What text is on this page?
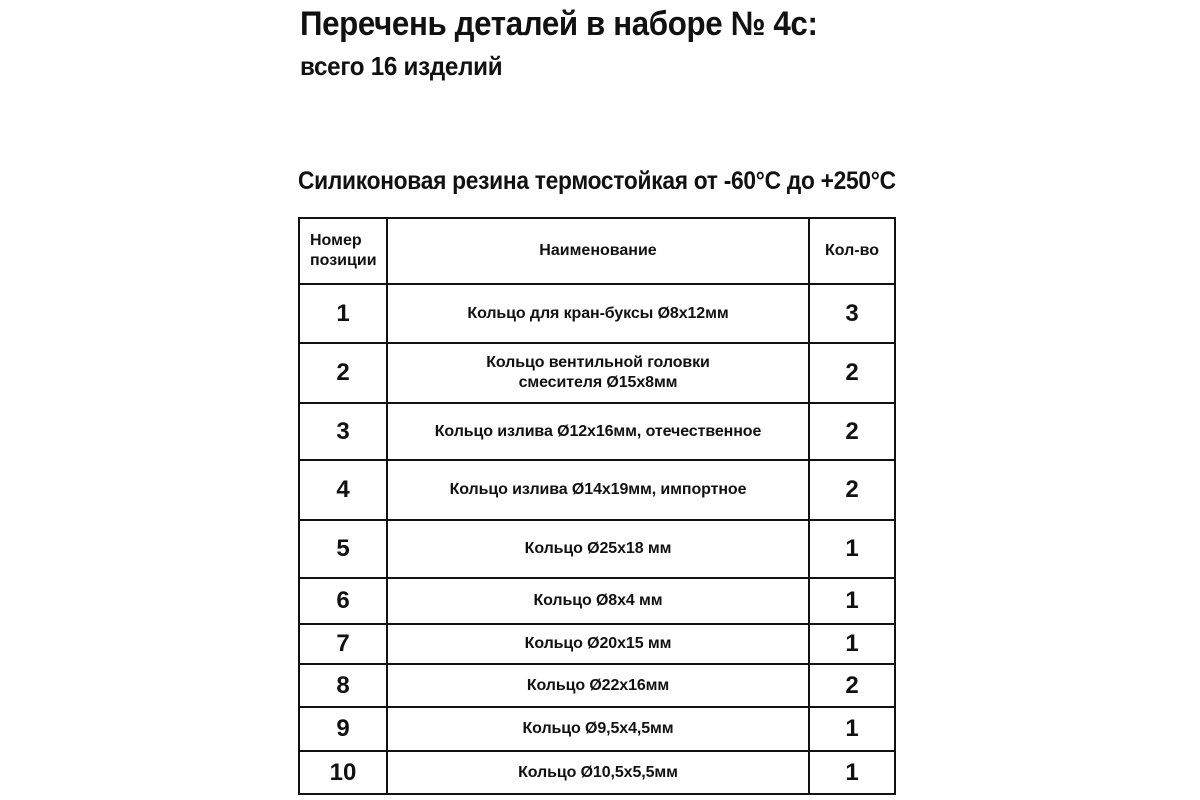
Перечень деталей в наборе № 4с:
всего 16 изделий
Силиконовая резина термостойкая от -60°С до +250°С
Номер позиции	Наименование	Кол-во
1	Кольцо для кран-буксы Ø8x12мм	3
2	Кольцо вентильной головки смесителя Ø15x8мм	2
3	Кольцо излива Ø12x16мм, отечественное	2
4	Кольцо излива Ø14x19мм, импортное	2
5	Кольцо Ø25x18 мм	1
6	Кольцо Ø8x4 мм	1
7	Кольцо Ø20x15 мм	1
8	Кольцо Ø22x16мм	2
9	Кольцо Ø9,5x4,5мм	1
10	Кольцо Ø10,5x5,5мм	1
